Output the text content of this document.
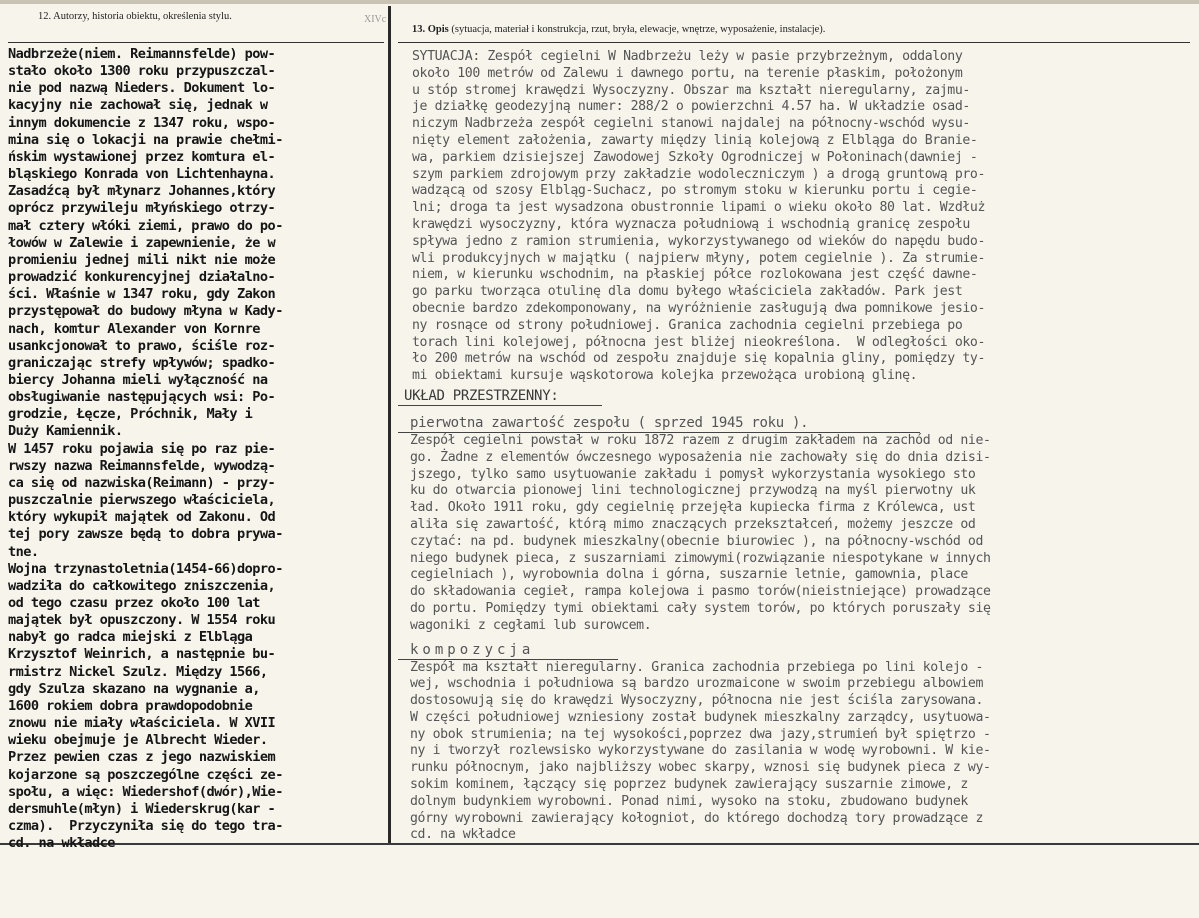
12. Autorzy, historia obiektu, określenia stylu.
Nadbrzeże(niem. Reimannsfelde) pow-
stało około 1300 roku przypuszczal-
nie pod nazwą Nieders. Dokument lo-
kacyjny nie zachował się, jednak w
innym dokumencie z 1347 roku, wspo-
mina się o lokacji na prawie chełmi-
ńskim wystawionej przez komtura el-
bląskiego Konrada von Lichtenhayna.
Zasadźcą był młynarz Johannes,który
oprócz przywileju młyńskiego otrzy-
mał cztery włóki ziemi, prawo do po-
łowów w Zalewie i zapewnienie, że w
promieniu jednej mili nikt nie może
prowadzić konkurencyjnej działalno-
ści. Właśnie w 1347 roku, gdy Zakon
przystępował do budowy młyna w Kady-
nach, komtur Alexander von Kornre
usankcjonował to prawo, ściśle roz-
graniczając strefy wpływów; spadko-
biercy Johanna mieli wyłączność na
obsługiwanie następujących wsi: Po-
grodzie, Łęcze, Próchnik, Mały i
Duży Kamiennik.
W 1457 roku pojawia się po raz pie-
rwszy nazwa Reimannsfelde, wywodzą-
ca się od nazwiska(Reimann) - przy-
puszczalnie pierwszego właściciela,
który wykupił majątek od Zakonu. Od
tej pory zawsze będą to dobra prywa-
tne.
Wojna trzynastoletnia(1454-66)dopro-
wadziła do całkowitego zniszczenia,
od tego czasu przez około 100 lat
majątek był opuszczony. W 1554 roku
nabył go radca miejski z Elbląga
Krzysztof Weinrich, a następnie bu-
rmistrz Nickel Szulz. Między 1566,
gdy Szulza skazano na wygnanie a,
1600 rokiem dobra prawdopodobnie
znowu nie miały właściciela. W XVII
wieku obejmuje je Albrecht Wieder.
Przez pewien czas z jego nazwiskiem
kojarzone są poszczególne części ze-
społu, a więc: Wiedershof(dwór),Wie-
dersmuhle(młyn) i Wiederskrug(kar -
czma).  Przyczyniła się do tego tra-
cd. na wkładce
XIVc
13. Opis (sytuacja, materiał i konstrukcja, rzut, bryła, elewacje, wnętrze, wyposażenie, instalacje).
SYTUACJA: Zespół cegielni W Nadbrzeżu leży w pasie przybrzeżnym, oddalony
około 100 metrów od Zalewu i dawnego portu, na terenie płaskim, położonym
u stóp stromej krawędzi Wysoczyzny. Obszar ma kształt nieregularny, zajmu-
je działkę geodezyjną numer: 288/2 o powierzchni 4.57 ha. W układzie osad-
niczym Nadbrzeża zespół cegielni stanowi najdalej na północny-wschód wysu-
nięty element założenia, zawarty między linią kolejową z Elbląga do Branie-
wa, parkiem dzisiejszej Zawodowej Szkoły Ogrodniczej w Połoninach(dawniej -
szym parkiem zdrojowym przy zakładzie wodoleczniczym ) a drogą gruntową pro-
wadzącą od szosy Elbląg-Suchacz, po stromym stoku w kierunku portu i cegie-
lni; droga ta jest wysadzona obustronnie lipami o wieku około 80 lat. Wzdłuż
krawędzi wysoczyzny, która wyznacza południową i wschodnią granicę zespołu
spływa jedno z ramion strumienia, wykorzystywanego od wieków do napędu budo-
wli produkcyjnych w majątku ( najpierw młyny, potem cegielnie ). Za strumie-
niem, w kierunku wschodnim, na płaskiej półce rozlokowana jest część dawne-
go parku tworząca otulinę dla domu byłego właściciela zakładów. Park jest
obecnie bardzo zdekomponowany, na wyróżnienie zasługują dwa pomnikowe jesio-
ny rosnące od strony południowej. Granica zachodnia cegielni przebiega po
torach lini kolejowej, północna jest bliżej nieokreślona.  W odległości oko-
ło 200 metrów na wschód od zespołu znajduje się kopalnia gliny, pomiędzy ty-
mi obiektami kursuje wąskotorowa kolejka przewożąca urobioną glinę.
UKŁAD PRZESTRZENNY:
pierwotna zawartość zespołu ( sprzed 1945 roku ).
Zespół cegielni powstał w roku 1872 razem z drugim zakładem na zachód od nie-
go. Żadne z elementów ówczesnego wyposażenia nie zachowały się do dnia dzisi-
jszego, tylko samo usytuowanie zakładu i pomysł wykorzystania wysokiego sto
ku do otwarcia pionowej lini technologicznej przywodzą na myśl pierwotny uk
ład. Około 1911 roku, gdy cegielnię przejęła kupiecka firma z Królewca, ust
aliła się zawartość, którą mimo znaczących przekształceń, możemy jeszcze od
czytać: na pd. budynek mieszkalny(obecnie biurowiec ), na północny-wschód od
niego budynek pieca, z suszarniami zimowymi(rozwiązanie niespotykane w innych
cegielniach ), wyrobownia dolna i górna, suszarnie letnie, gamownia, place
do składowania cegieł, rampa kolejowa i pasmo torów(nieistniejące) prowadzące
do portu. Pomiędzy tymi obiektami cały system torów, po których poruszały się
wagoniki z cegłami lub surowcem.
kompozycja
Zespół ma kształt nieregularny. Granica zachodnia przebiega po lini kolejo -
wej, wschodnia i południowa są bardzo urozmaicone w swoim przebiegu albowiem
dostosowują się do krawędzi Wysoczyzny, północna nie jest ściśla zarysowana.
W części południowej wzniesiony został budynek mieszkalny zarządcy, usytuowa-
ny obok strumienia; na tej wysokości,poprzez dwa jazy,strumień był spiętrzo -
ny i tworzył rozlewsisko wykorzystywane do zasilania w wodę wyrobowni. W kie-
runku północnym, jako najbliższy wobec skarpy, wznosi się budynek pieca z wy-
sokim kominem, łączący się poprzez budynek zawierający suszarnie zimowe, z
dolnym budynkiem wyrobowni. Ponad nimi, wysoko na stoku, zbudowano budynek
górny wyrobowni zawierający kołogniot, do którego dochodzą tory prowadzące z
cd. na wkładce
